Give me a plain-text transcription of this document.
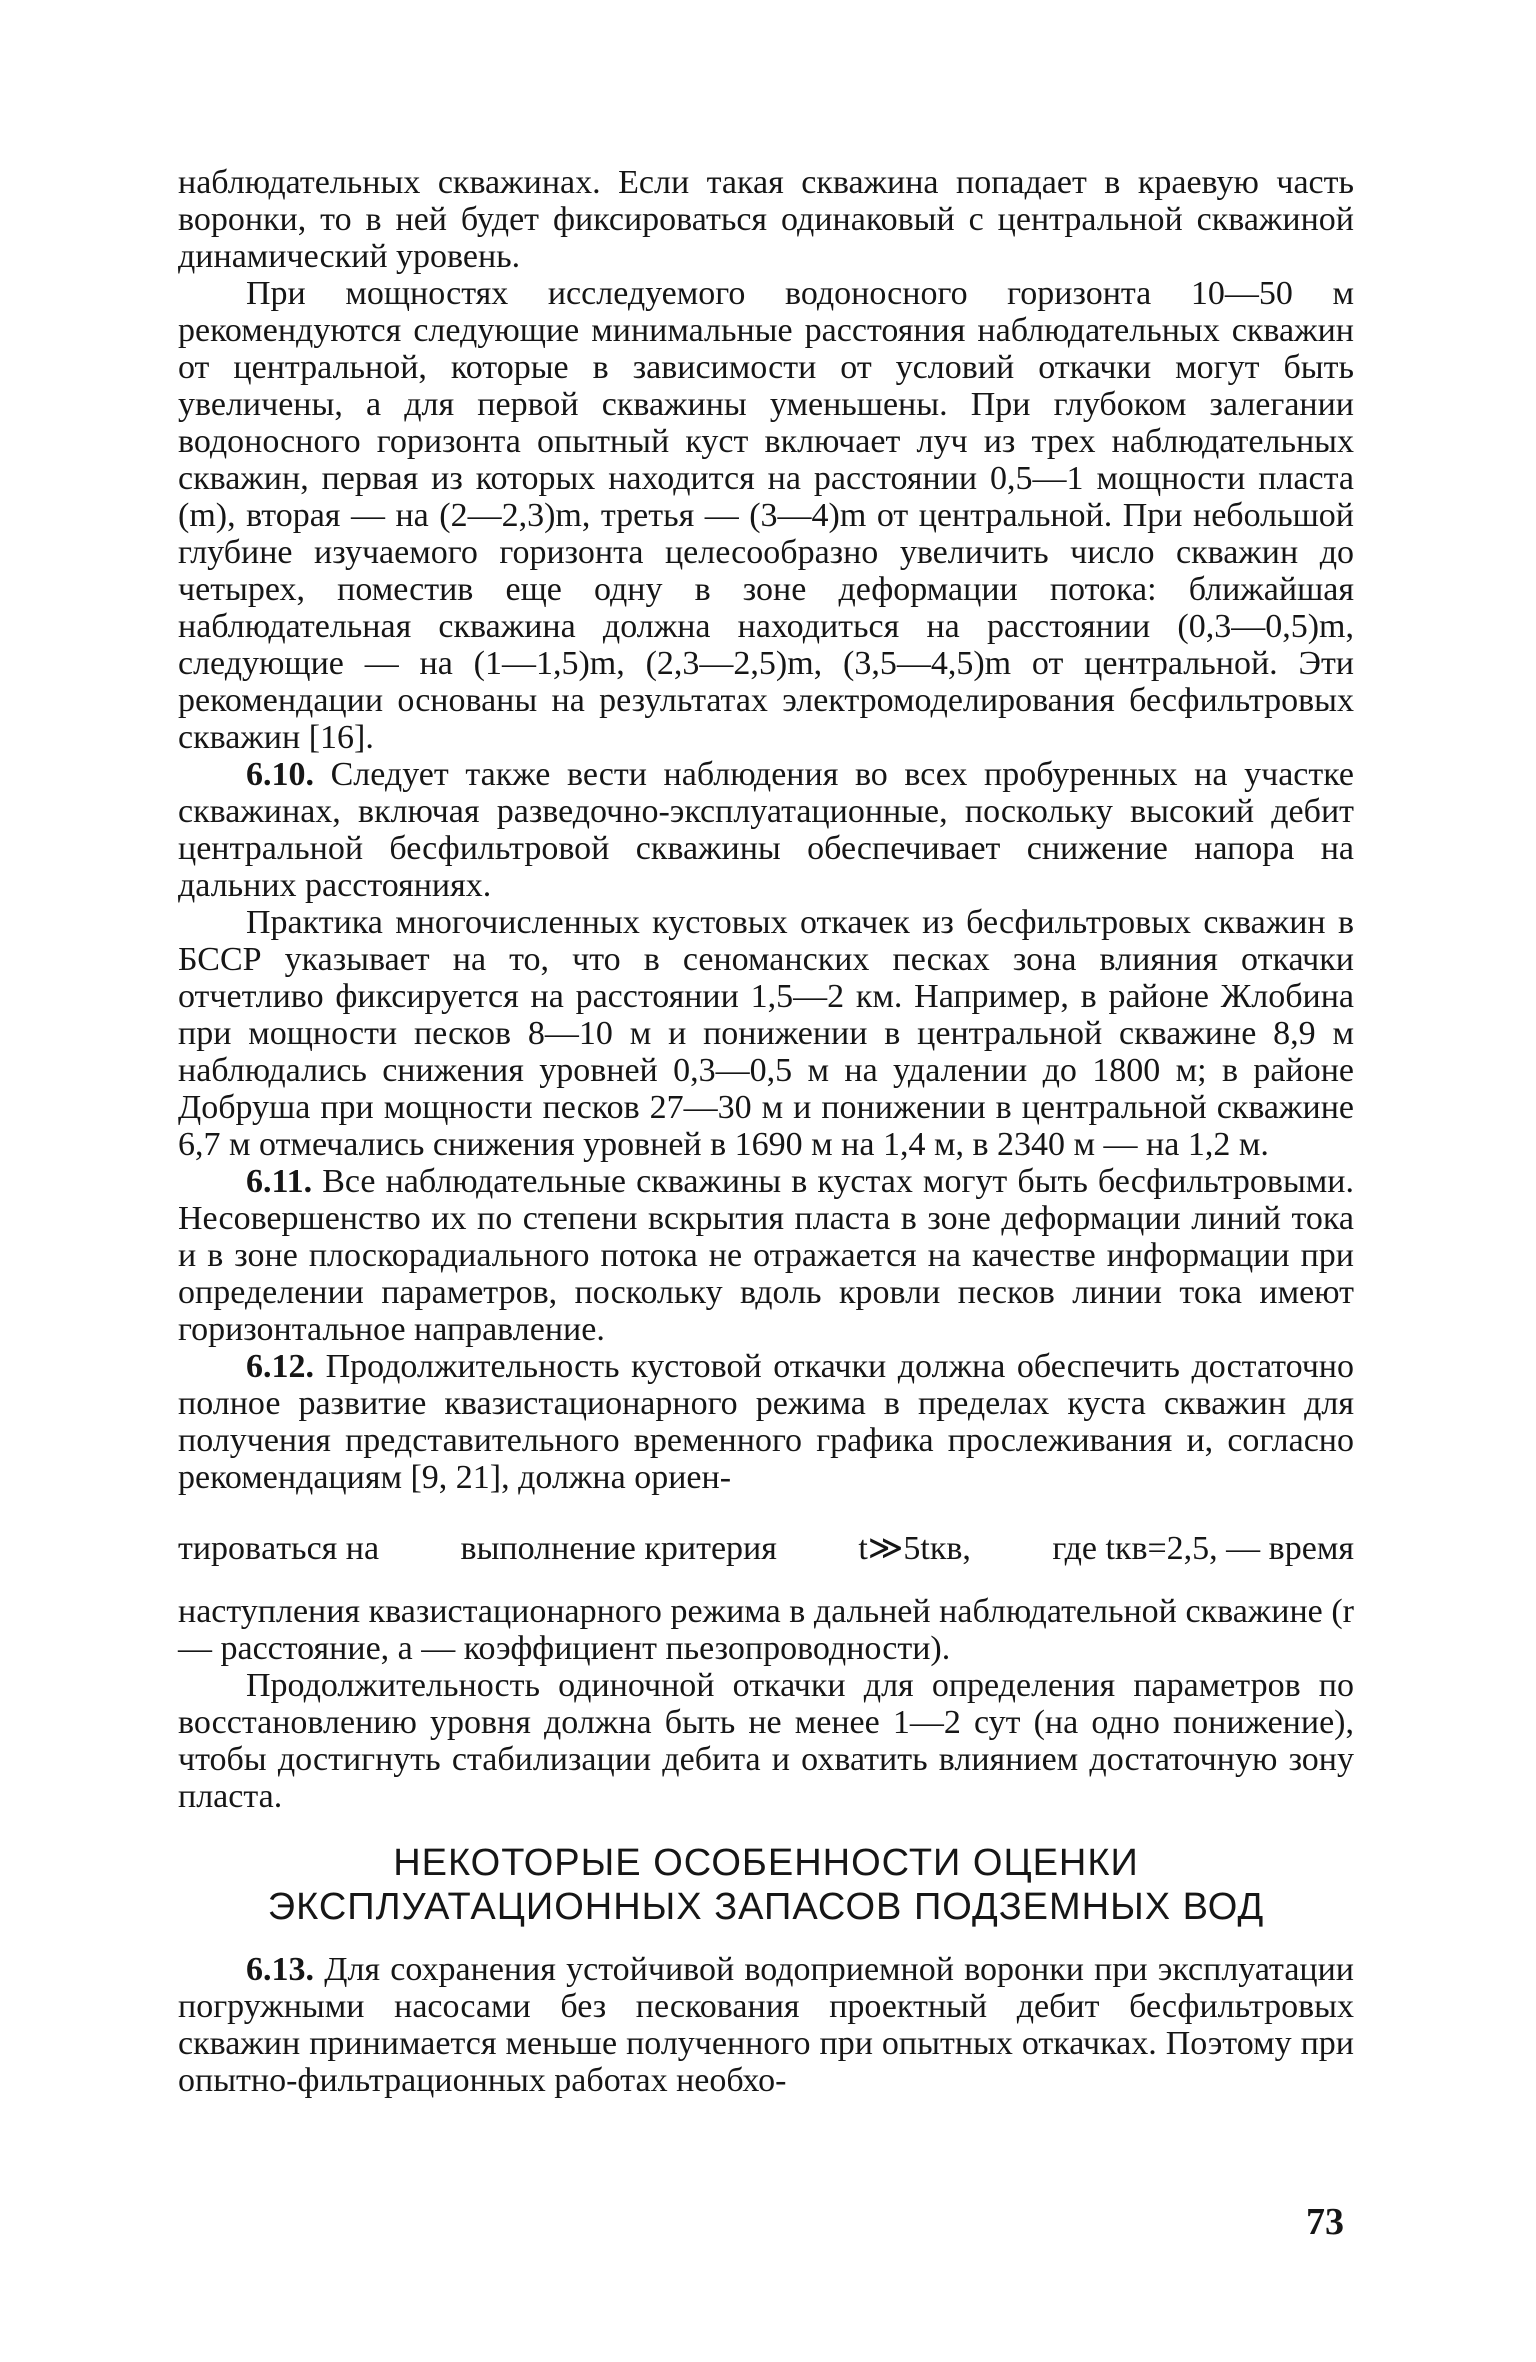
наблюдательных скважинах. Если такая скважина попадает в краевую часть воронки, то в ней будет фиксироваться одинаковый с центральной скважиной динамический уровень.

При мощностях исследуемого водоносного горизонта 10—50 м рекомендуются следующие минимальные расстояния наблюдательных скважин от центральной, которые в зависимости от условий откачки могут быть увеличены, а для первой скважины уменьшены. При глубоком залегании водоносного горизонта опытный куст включает луч из трех наблюдательных скважин, первая из которых находится на расстоянии 0,5—1 мощности пласта (m), вторая — на (2—2,3)m, третья — (3—4)m от центральной. При небольшой глубине изучаемого горизонта целесообразно увеличить число скважин до четырех, поместив еще одну в зоне деформации потока: ближайшая наблюдательная скважина должна находиться на расстоянии (0,3—0,5)m, следующие — на (1—1,5)m, (2,3—2,5)m, (3,5—4,5)m от центральной. Эти рекомендации основаны на результатах электромоделирования бесфильтровых скважин [16].

6.10. Следует также вести наблюдения во всех пробуренных на участке скважинах, включая разведочно-эксплуатационные, поскольку высокий дебит центральной бесфильтровой скважины обеспечивает снижение напора на дальних расстояниях.

Практика многочисленных кустовых откачек из бесфильтровых скважин в БССР указывает на то, что в сеноманских песках зона влияния откачки отчетливо фиксируется на расстоянии 1,5—2 км. Например, в районе Жлобина при мощности песков 8—10 м и понижении в центральной скважине 8,9 м наблюдались снижения уровней 0,3—0,5 м на удалении до 1800 м; в районе Добруша при мощности песков 27—30 м и понижении в центральной скважине 6,7 м отмечались снижения уровней в 1690 м на 1,4 м, в 2340 м — на 1,2 м.

6.11. Все наблюдательные скважины в кустах могут быть бесфильтровыми. Несовершенство их по степени вскрытия пласта в зоне деформации линий тока и в зоне плоскорадиального потока не отражается на качестве информации при определении параметров, поскольку вдоль кровли песков линии тока имеют горизонтальное направление.

6.12. Продолжительность кустовой откачки должна обеспечить достаточно полное развитие квазистационарного режима в пределах куста скважин для получения представительного временного графика прослеживания и, согласно рекомендациям [9, 21], должна ориен-

тировaться на выполнение критерия t≫5tкв, где tкв=2,5, — время

наступления квазистационарного режима в дальней наблюдательной скважине (r — расстояние, a — коэффициент пьезопроводности).

Продолжительность одиночной откачки для определения параметров по восстановлению уровня должна быть не менее 1—2 сут (на одно понижение), чтобы достигнуть стабилизации дебита и охватить влиянием достаточную зону пласта.

НЕКОТОРЫЕ ОСОБЕННОСТИ ОЦЕНКИ
ЭКСПЛУАТАЦИОННЫХ ЗАПАСОВ ПОДЗЕМНЫХ ВОД

6.13. Для сохранения устойчивой водоприемной воронки при эксплуатации погружными насосами без пескования проектный дебит бесфильтровых скважин принимается меньше полученного при опытных откачках. Поэтому при опытно-фильтрационных работах необхо-

73
